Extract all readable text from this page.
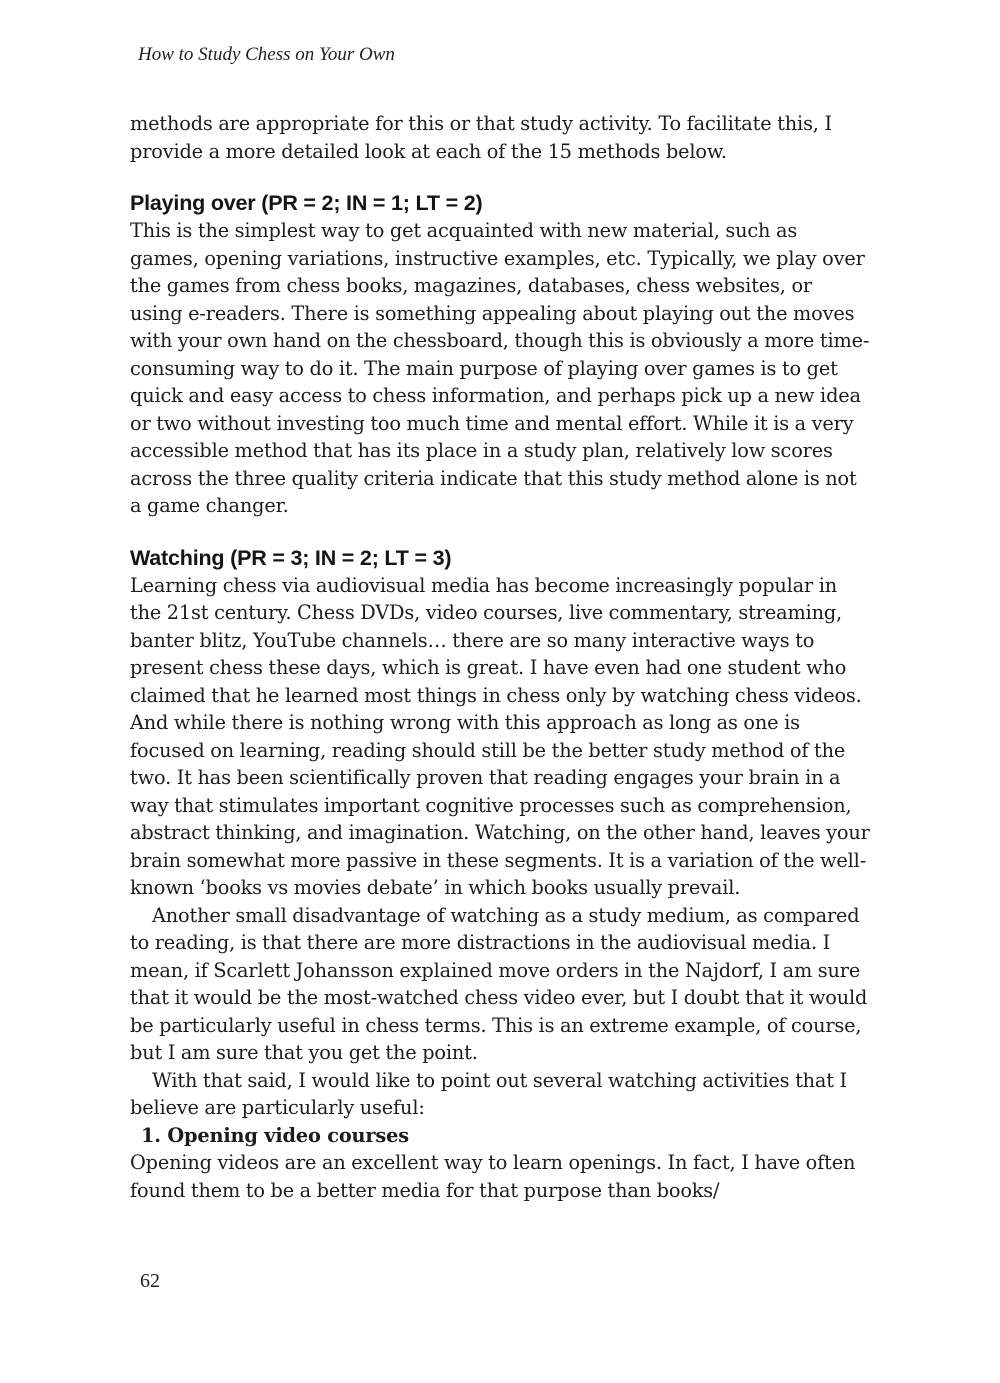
How to Study Chess on Your Own

methods are appropriate for this or that study activity. To facilitate this, I provide a more detailed look at each of the 15 methods below.

Playing over (PR = 2; IN = 1; LT = 2)

This is the simplest way to get acquainted with new material, such as games, opening variations, instructive examples, etc. Typically, we play over the games from chess books, magazines, databases, chess websites, or using e-readers. There is something appealing about playing out the moves with your own hand on the chessboard, though this is obviously a more time-consuming way to do it. The main purpose of playing over games is to get quick and easy access to chess information, and perhaps pick up a new idea or two without investing too much time and mental effort. While it is a very accessible method that has its place in a study plan, relatively low scores across the three quality criteria indicate that this study method alone is not a game changer.

Watching (PR = 3; IN = 2; LT = 3)

Learning chess via audiovisual media has become increasingly popular in the 21st century. Chess DVDs, video courses, live commentary, streaming, banter blitz, YouTube channels… there are so many interactive ways to present chess these days, which is great. I have even had one student who claimed that he learned most things in chess only by watching chess videos. And while there is nothing wrong with this approach as long as one is focused on learning, reading should still be the better study method of the two. It has been scientifically proven that reading engages your brain in a way that stimulates important cognitive processes such as comprehension, abstract thinking, and imagination. Watching, on the other hand, leaves your brain somewhat more passive in these segments. It is a variation of the well-known ‘books vs movies debate’ in which books usually prevail.

Another small disadvantage of watching as a study medium, as compared to reading, is that there are more distractions in the audiovisual media. I mean, if Scarlett Johansson explained move orders in the Najdorf, I am sure that it would be the most-watched chess video ever, but I doubt that it would be particularly useful in chess terms. This is an extreme example, of course, but I am sure that you get the point.

With that said, I would like to point out several watching activities that I believe are particularly useful:

1. Opening video courses

Opening videos are an excellent way to learn openings. In fact, I have often found them to be a better media for that purpose than books/

62
